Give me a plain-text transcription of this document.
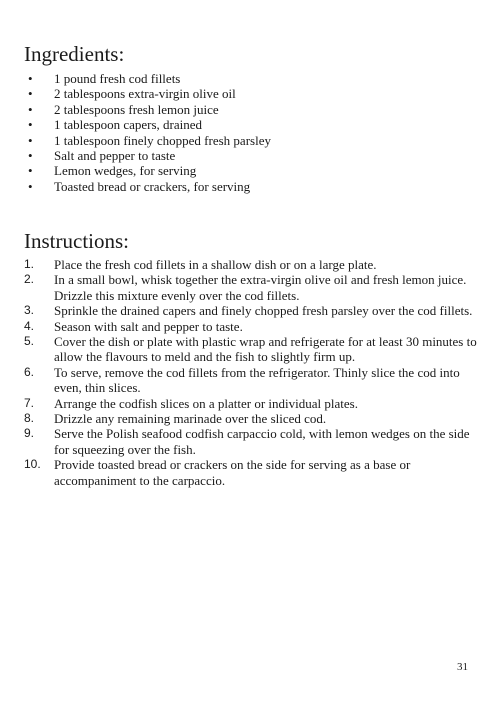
Ingredients:
• 1 pound fresh cod fillets
• 2 tablespoons extra-virgin olive oil
• 2 tablespoons fresh lemon juice
• 1 tablespoon capers, drained
• 1 tablespoon finely chopped fresh parsley
• Salt and pepper to taste
• Lemon wedges, for serving
• Toasted bread or crackers, for serving
Instructions:
1. Place the fresh cod fillets in a shallow dish or on a large plate.
2. In a small bowl, whisk together the extra-virgin olive oil and fresh lemon juice. Drizzle this mixture evenly over the cod fillets.
3. Sprinkle the drained capers and finely chopped fresh parsley over the cod fillets.
4. Season with salt and pepper to taste.
5. Cover the dish or plate with plastic wrap and refrigerate for at least 30 minutes to allow the flavours to meld and the fish to slightly firm up.
6. To serve, remove the cod fillets from the refrigerator. Thinly slice the cod into even, thin slices.
7. Arrange the codfish slices on a platter or individual plates.
8. Drizzle any remaining marinade over the sliced cod.
9. Serve the Polish seafood codfish carpaccio cold, with lemon wedges on the side for squeezing over the fish.
10. Provide toasted bread or crackers on the side for serving as a base or accompaniment to the carpaccio.
31
